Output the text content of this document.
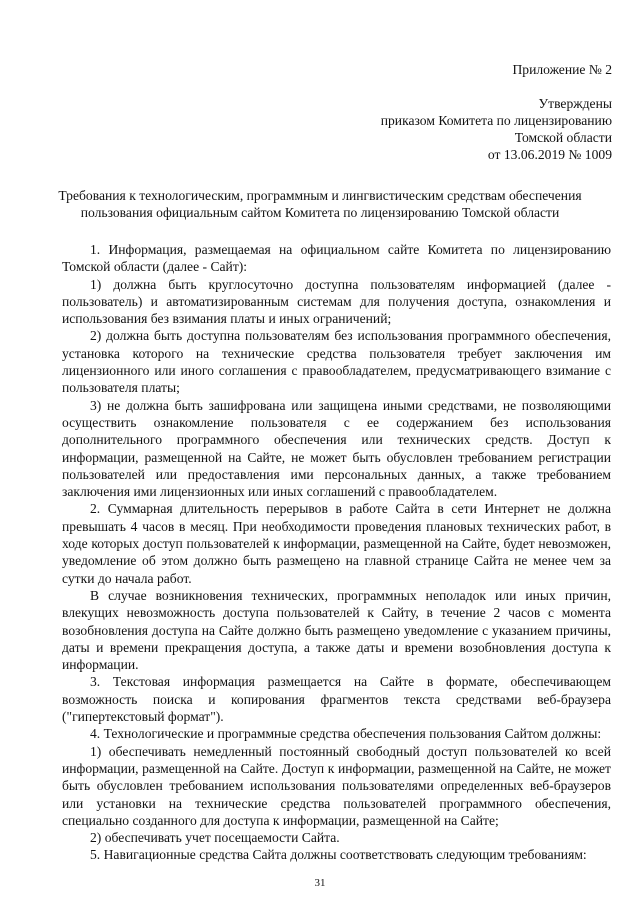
Приложение № 2
Утверждены
приказом Комитета по лицензированию
Томской области
от 13.06.2019 № 1009
Требования к технологическим, программным и лингвистическим средствам обеспечения пользования официальным сайтом Комитета по лицензированию Томской области

1. Информация, размещаемая на официальном сайте Комитета по лицензированию Томской области (далее - Сайт):

1) должна быть круглосуточно доступна пользователям информацией (далее - пользователь) и автоматизированным системам для получения доступа, ознакомления и использования без взимания платы и иных ограничений;

2) должна быть доступна пользователям без использования программного обеспечения, установка которого на технические средства пользователя требует заключения им лицензионного или иного соглашения с правообладателем, предусматривающего взимание с пользователя платы;

3) не должна быть зашифрована или защищена иными средствами, не позволяющими осуществить ознакомление пользователя с ее содержанием без использования дополнительного программного обеспечения или технических средств. Доступ к информации, размещенной на Сайте, не может быть обусловлен требованием регистрации пользователей или предоставления ими персональных данных, а также требованием заключения ими лицензионных или иных соглашений с правообладателем.

2. Суммарная длительность перерывов в работе Сайта в сети Интернет не должна превышать 4 часов в месяц. При необходимости проведения плановых технических работ, в ходе которых доступ пользователей к информации, размещенной на Сайте, будет невозможен, уведомление об этом должно быть размещено на главной странице Сайта не менее чем за сутки до начала работ.

В случае возникновения технических, программных неполадок или иных причин, влекущих невозможность доступа пользователей к Сайту, в течение 2 часов с момента возобновления доступа на Сайте должно быть размещено уведомление с указанием причины, даты и времени прекращения доступа, а также даты и времени возобновления доступа к информации.

3. Текстовая информация размещается на Сайте в формате, обеспечивающем возможность поиска и копирования фрагментов текста средствами веб-браузера ("гипертекстовый формат").

4. Технологические и программные средства обеспечения пользования Сайтом должны:

1) обеспечивать немедленный постоянный свободный доступ пользователей ко всей информации, размещенной на Сайте. Доступ к информации, размещенной на Сайте, не может быть обусловлен требованием использования пользователями определенных веб-браузеров или установки на технические средства пользователей программного обеспечения, специально созданного для доступа к информации, размещенной на Сайте;

2) обеспечивать учет посещаемости Сайта.

5. Навигационные средства Сайта должны соответствовать следующим требованиям:

31
